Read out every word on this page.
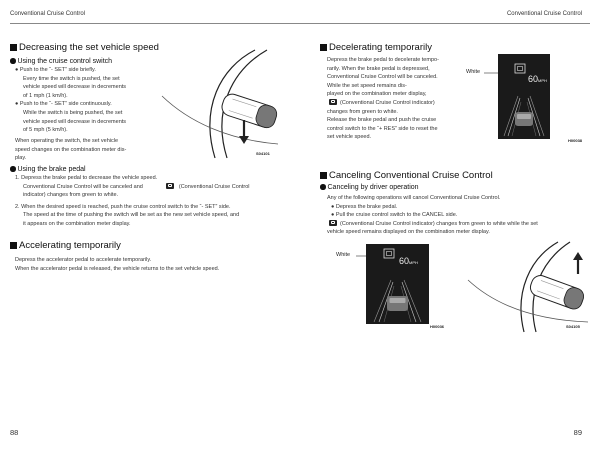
Conventional Cruise Control	Conventional Cruise Control
Decreasing the set vehicle speed
Using the cruise control switch
● Push to the “- SET” side briefly.
Every time the switch is pushed, the set
vehicle speed will decrease in decrements
of 1 mph (1 km/h).
● Push to the “- SET” side continuously.
While the switch is being pushed, the set
vehicle speed will decrease in decrements
of 5 mph (5 km/h).
When operating the switch, the set vehicle
speed changes on the combination meter dis-
play.
S04101
Using the brake pedal
1. Depress the brake pedal to decrease the vehicle speed.
Conventional Cruise Control will be canceled and	(Conventional Cruise Control
indicator) changes from green to white.
2. When the desired speed is reached, push the cruise control switch to the “- SET” side.
The speed at the time of pushing the switch will be set as the new set vehicle speed, and
it appears on the combination meter display.
Accelerating temporarily
Depress the accelerator pedal to accelerate temporarily.
When the accelerator pedal is released, the vehicle returns to the set vehicle speed.
88
Decelerating temporarily
Depress the brake pedal to decelerate tempo-
rarily. When the brake pedal is depressed,
Conventional Cruise Control will be canceled.
While the set speed remains dis-
played on the combination meter display,
(Conventional Cruise Control indicator)
changes from green to white.
Release the brake pedal and push the cruise
control switch to the “+ RES” side to reset the
set vehicle speed.
White
60MPH
H00038
Canceling Conventional Cruise Control
Canceling by driver operation
Any of the following operations will cancel Conventional Cruise Control.
● Depress the brake pedal.
● Pull the cruise control switch to the CANCEL side.
(Conventional Cruise Control indicator) changes from green to white while the set
vehicle speed remains displayed on the combination meter display.
White
60MPH
H00036	S04105
89
